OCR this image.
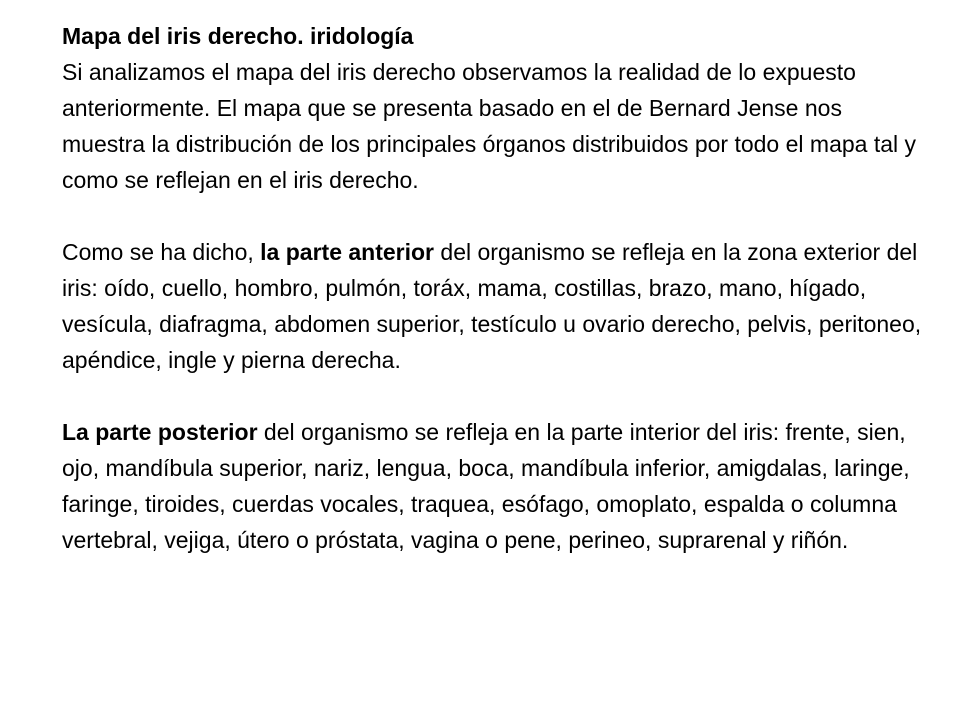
Mapa del iris derecho. iridología

Si analizamos el mapa del iris derecho observamos la realidad de lo expuesto anteriormente. El mapa que se presenta basado en el de Bernard Jense nos muestra la distribución de los principales órganos distribuidos por todo el mapa tal y como se reflejan en el iris derecho.

Como se ha dicho, la parte anterior del organismo se refleja en la zona exterior del iris: oído, cuello, hombro, pulmón, toráx, mama, costillas, brazo, mano, hígado, vesícula, diafragma, abdomen superior, testículo u ovario derecho, pelvis, peritoneo, apéndice, ingle y pierna derecha.

La parte posterior del organismo se refleja en la parte interior del iris: frente, sien, ojo, mandíbula superior, nariz, lengua, boca, mandíbula inferior, amigdalas, laringe, faringe, tiroides, cuerdas vocales, traquea, esófago, omoplato, espalda o columna vertebral, vejiga, útero o próstata, vagina o pene, perineo, suprarenal y riñón.
